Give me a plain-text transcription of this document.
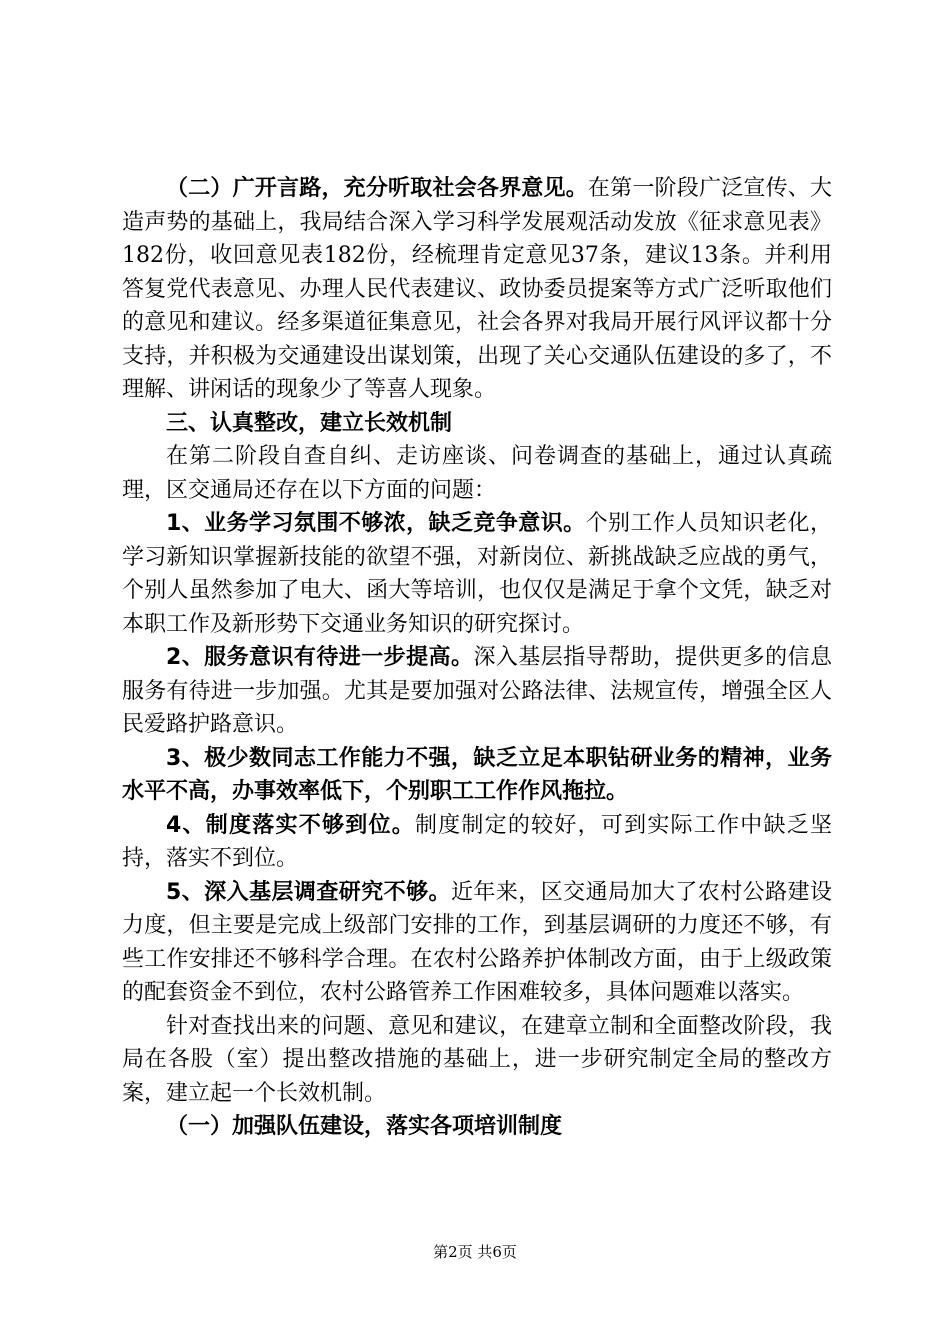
（二）广开言路，充分听取社会各界意见。在第一阶段广泛宣传、大造声势的基础上，我局结合深入学习科学发展观活动发放《征求意见表》182份，收回意见表182份，经梳理肯定意见37条，建议13条。并利用答复党代表意见、办理人民代表建议、政协委员提案等方式广泛听取他们的意见和建议。经多渠道征集意见，社会各界对我局开展行风评议都十分支持，并积极为交通建设出谋划策，出现了关心交通队伍建设的多了，不理解、讲闲话的现象少了等喜人现象。

三、认真整改，建立长效机制

在第二阶段自查自纠、走访座谈、问卷调查的基础上，通过认真疏理，区交通局还存在以下方面的问题：

1、业务学习氛围不够浓，缺乏竞争意识。个别工作人员知识老化，学习新知识掌握新技能的欲望不强，对新岗位、新挑战缺乏应战的勇气，个别人虽然参加了电大、函大等培训，也仅仅是满足于拿个文凭，缺乏对本职工作及新形势下交通业务知识的研究探讨。

2、服务意识有待进一步提高。深入基层指导帮助，提供更多的信息服务有待进一步加强。尤其是要加强对公路法律、法规宣传，增强全区人民爱路护路意识。

3、极少数同志工作能力不强，缺乏立足本职钻研业务的精神，业务水平不高，办事效率低下，个别职工工作作风拖拉。

4、制度落实不够到位。制度制定的较好，可到实际工作中缺乏坚持，落实不到位。

5、深入基层调查研究不够。近年来，区交通局加大了农村公路建设力度，但主要是完成上级部门安排的工作，到基层调研的力度还不够，有些工作安排还不够科学合理。在农村公路养护体制改方面，由于上级政策的配套资金不到位，农村公路管养工作困难较多，具体问题难以落实。

针对查找出来的问题、意见和建议，在建章立制和全面整改阶段，我局在各股（室）提出整改措施的基础上，进一步研究制定全局的整改方案，建立起一个长效机制。

（一）加强队伍建设，落实各项培训制度

第2页 共6页
